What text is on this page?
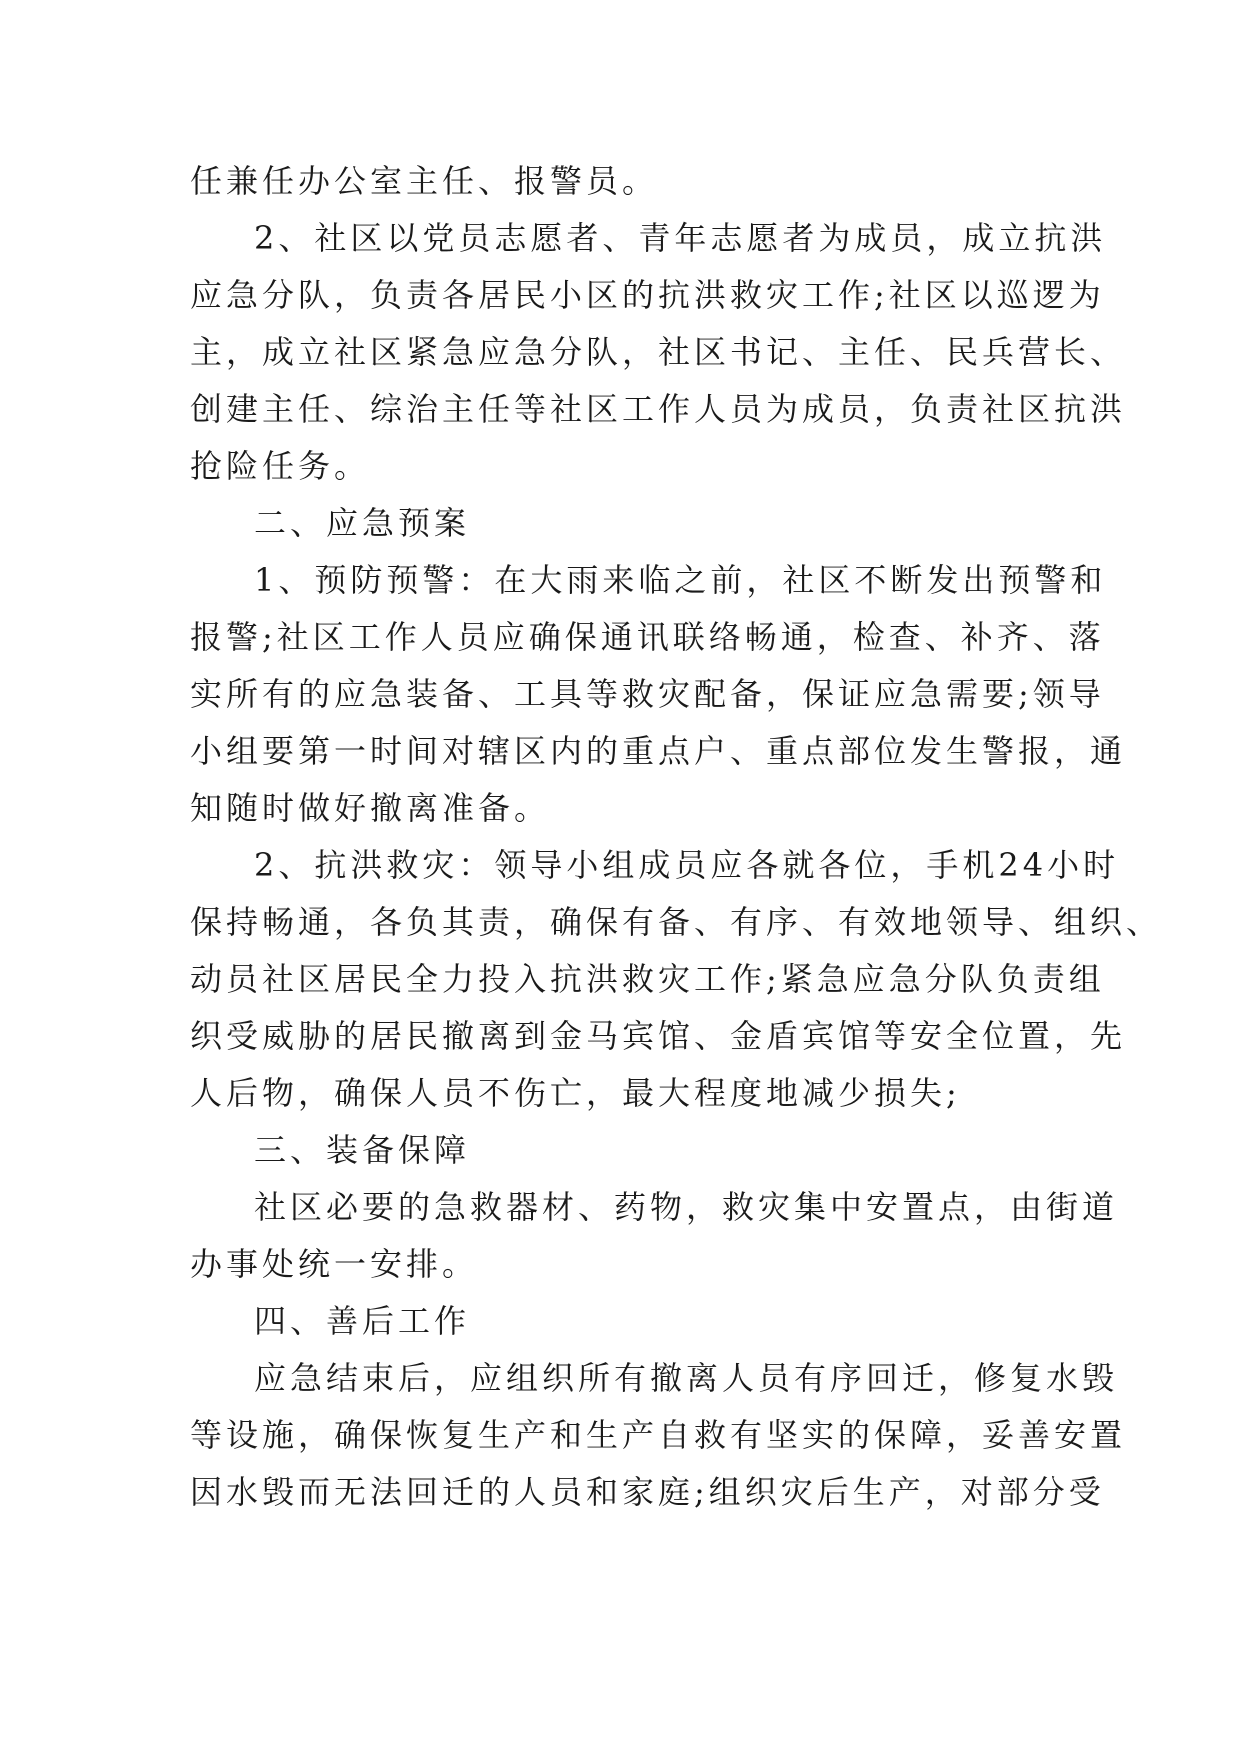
任兼任办公室主任、报警员。
2、社区以党员志愿者、青年志愿者为成员，成立抗洪
应急分队，负责各居民小区的抗洪救灾工作;社区以巡逻为
主，成立社区紧急应急分队，社区书记、主任、民兵营长、
创建主任、综治主任等社区工作人员为成员，负责社区抗洪
抢险任务。
二、应急预案
1、预防预警：在大雨来临之前，社区不断发出预警和
报警;社区工作人员应确保通讯联络畅通，检查、补齐、落
实所有的应急装备、工具等救灾配备，保证应急需要;领导
小组要第一时间对辖区内的重点户、重点部位发生警报，通
知随时做好撤离准备。
2、抗洪救灾：领导小组成员应各就各位，手机24小时
保持畅通，各负其责，确保有备、有序、有效地领导、组织、
动员社区居民全力投入抗洪救灾工作;紧急应急分队负责组
织受威胁的居民撤离到金马宾馆、金盾宾馆等安全位置，先
人后物，确保人员不伤亡，最大程度地减少损失;
三、装备保障
社区必要的急救器材、药物，救灾集中安置点，由街道
办事处统一安排。
四、善后工作
应急结束后，应组织所有撤离人员有序回迁，修复水毁
等设施，确保恢复生产和生产自救有坚实的保障，妥善安置
因水毁而无法回迁的人员和家庭;组织灾后生产，对部分受
